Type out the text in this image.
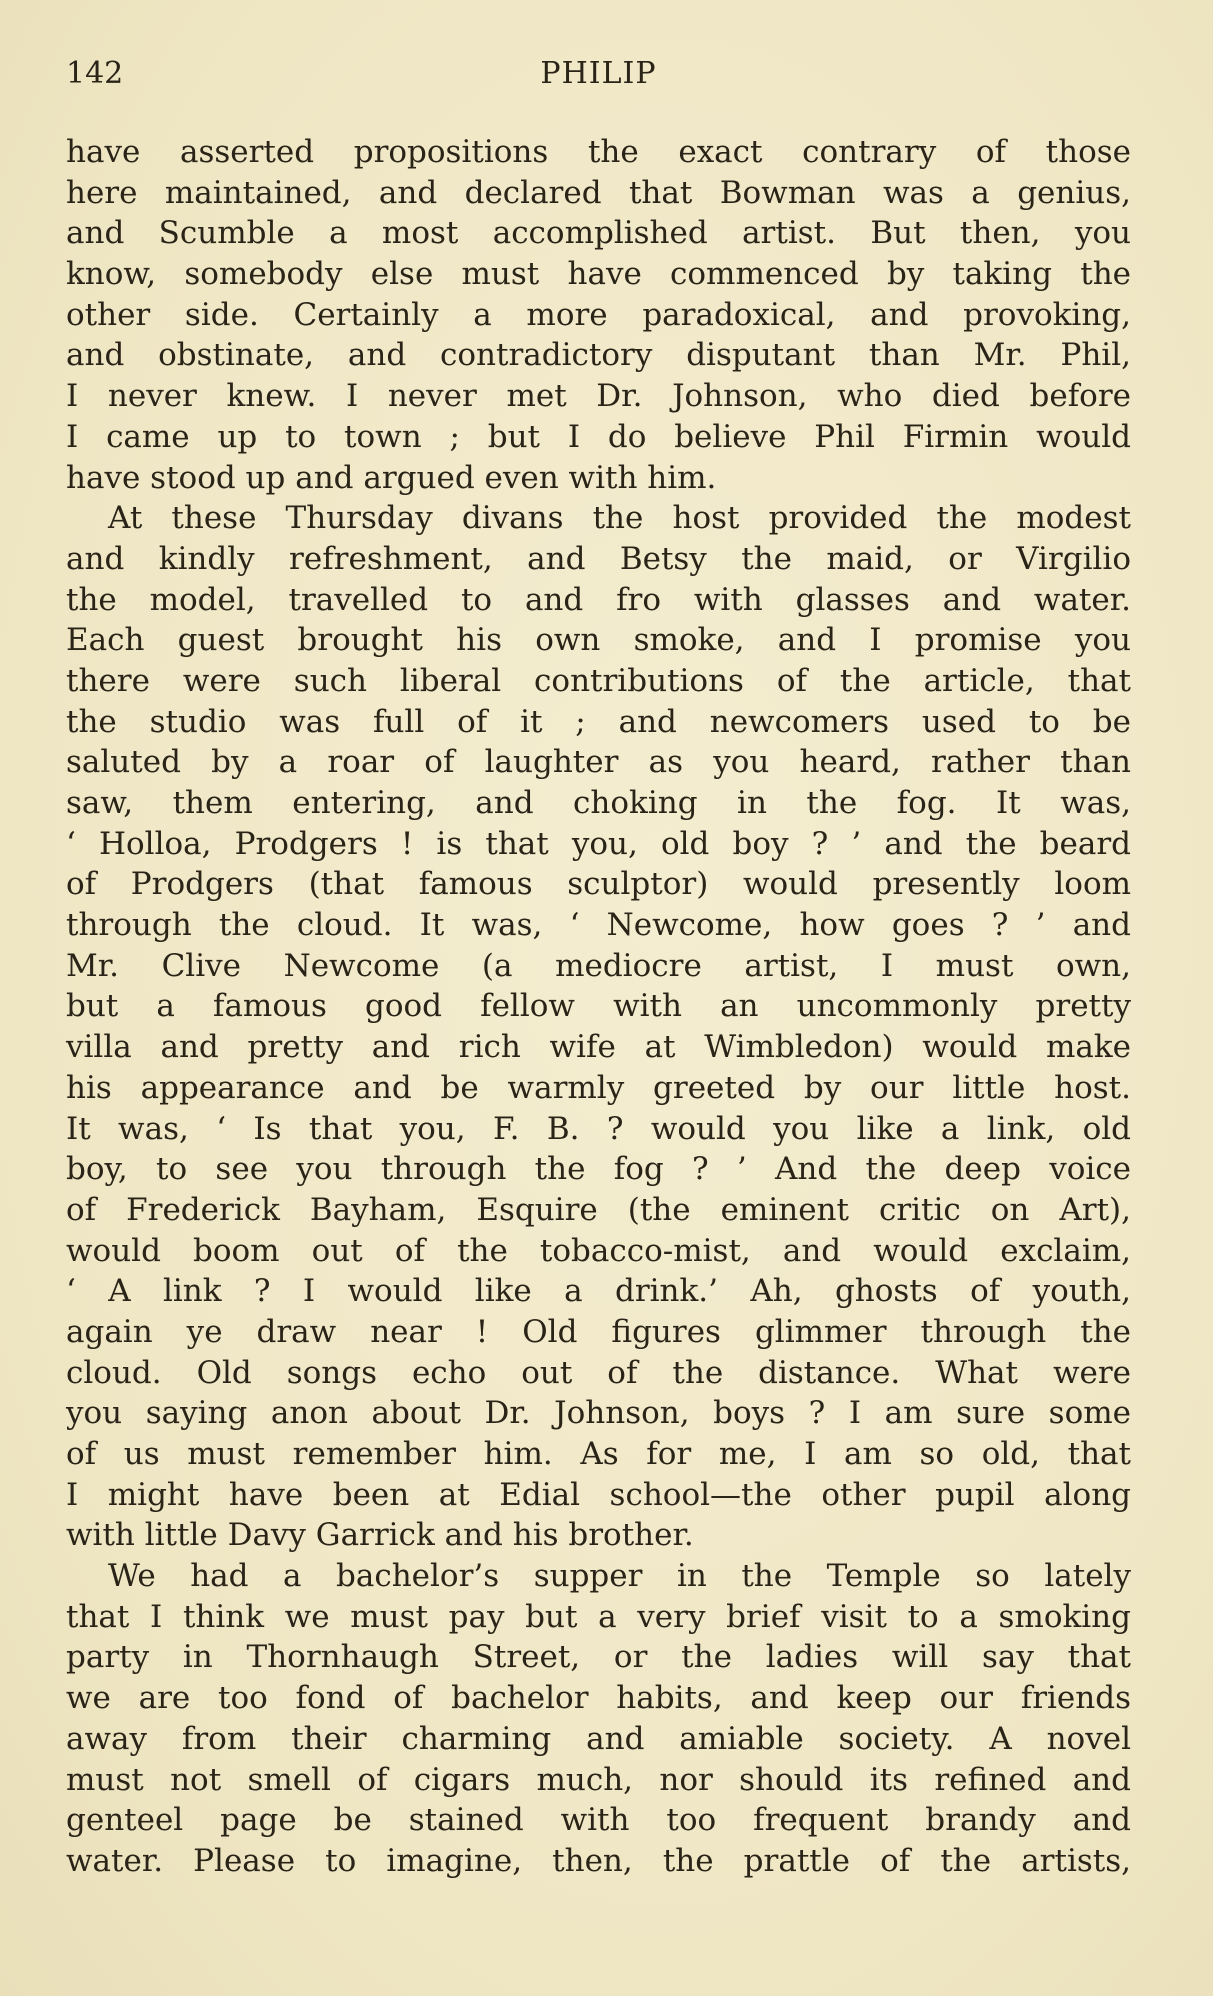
142	PHILIP
have asserted propositions the exact contrary of those
here maintained, and declared that Bowman was a genius,
and Scumble a most accomplished artist. But then, you
know, somebody else must have commenced by taking the
other side. Certainly a more paradoxical, and provoking,
and obstinate, and contradictory disputant than Mr. Phil,
I never knew. I never met Dr. Johnson, who died before
I came up to town ; but I do believe Phil Firmin would
have stood up and argued even with him.
At these Thursday divans the host provided the modest
and kindly refreshment, and Betsy the maid, or Virgilio
the model, travelled to and fro with glasses and water.
Each guest brought his own smoke, and I promise you
there were such liberal contributions of the article, that
the studio was full of it ; and newcomers used to be
saluted by a roar of laughter as you heard, rather than
saw, them entering, and choking in the fog. It was,
‘ Holloa, Prodgers ! is that you, old boy ? ’ and the beard
of Prodgers (that famous sculptor) would presently loom
through the cloud. It was, ‘ Newcome, how goes ? ’ and
Mr. Clive Newcome (a mediocre artist, I must own,
but a famous good fellow with an uncommonly pretty
villa and pretty and rich wife at Wimbledon) would make
his appearance and be warmly greeted by our little host.
It was, ‘ Is that you, F. B. ? would you like a link, old
boy, to see you through the fog ? ’ And the deep voice
of Frederick Bayham, Esquire (the eminent critic on Art),
would boom out of the tobacco-mist, and would exclaim,
‘ A link ? I would like a drink.’ Ah, ghosts of youth,
again ye draw near ! Old figures glimmer through the
cloud. Old songs echo out of the distance. What were
you saying anon about Dr. Johnson, boys ? I am sure some
of us must remember him. As for me, I am so old, that
I might have been at Edial school—the other pupil along
with little Davy Garrick and his brother.
We had a bachelor’s supper in the Temple so lately
that I think we must pay but a very brief visit to a smoking
party in Thornhaugh Street, or the ladies will say that
we are too fond of bachelor habits, and keep our friends
away from their charming and amiable society. A novel
must not smell of cigars much, nor should its refined and
genteel page be stained with too frequent brandy and
water. Please to imagine, then, the prattle of the artists,
